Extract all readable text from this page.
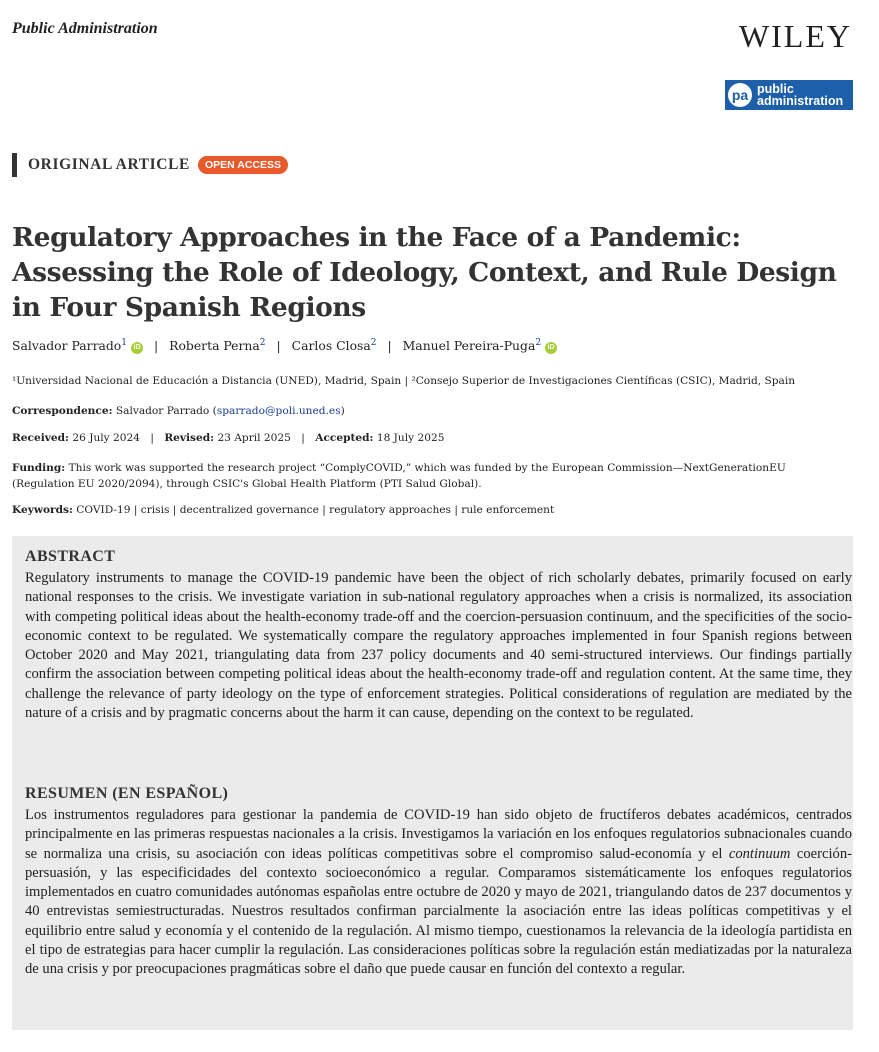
Public Administration	WILEY
pa public
administration
ORIGINAL ARTICLE	OPEN ACCESS
Regulatory Approaches in the Face of a Pandemic: Assessing the Role of Ideology, Context, and Rule Design in Four Spanish Regions
Salvador Parrado$^1$ iD | Roberta Perna$^2$ | Carlos Closa$^2$ | Manuel Pereira-Puga$^2$ iD
¹Universidad Nacional de Educación a Distancia (UNED), Madrid, Spain | ²Consejo Superior de Investigaciones Científicas (CSIC), Madrid, Spain
Correspondence: Salvador Parrado (sparrado@poli.uned.es)
Received: 26 July 2024 | Revised: 23 April 2025 | Accepted: 18 July 2025
Funding: This work was supported the research project “ComplyCOVID,” which was funded by the European Commission—NextGenerationEU (Regulation EU 2020/2094), through CSIC's Global Health Platform (PTI Salud Global).
Keywords: COVID-19 | crisis | decentralized governance | regulatory approaches | rule enforcement
ABSTRACT
Regulatory instruments to manage the COVID-19 pandemic have been the object of rich scholarly debates, primarily focused on early national responses to the crisis. We investigate variation in sub-national regulatory approaches when a crisis is normalized, its association with competing political ideas about the health-economy trade-off and the coercion-persuasion continuum, and the specificities of the socio-economic context to be regulated. We systematically compare the regulatory approaches implemented in four Spanish regions between October 2020 and May 2021, triangulating data from 237 policy documents and 40 semi-structured interviews. Our findings partially confirm the association between competing political ideas about the health-economy trade-off and regulation content. At the same time, they challenge the relevance of party ideology on the type of enforcement strategies. Political considerations of regulation are mediated by the nature of a crisis and by pragmatic concerns about the harm it can cause, depending on the context to be regulated.
RESUMEN (EN ESPAÑOL)
Los instrumentos reguladores para gestionar la pandemia de COVID-19 han sido objeto de fructíferos debates académicos, centrados principalmente en las primeras respuestas nacionales a la crisis. Investigamos la variación en los enfoques regulatorios subnacionales cuando se normaliza una crisis, su asociación con ideas políticas competitivas sobre el compromiso salud-economía y el continuum coerción-persuasión, y las especificidades del contexto socioeconómico a regular. Comparamos sistemáticamente los enfoques regulatorios implementados en cuatro comunidades autónomas españolas entre octubre de 2020 y mayo de 2021, triangulando datos de 237 documentos y 40 entrevistas semiestructuradas. Nuestros resultados confirman parcialmente la asociación entre las ideas políticas competitivas y el equilibrio entre salud y economía y el contenido de la regulación. Al mismo tiempo, cuestionamos la relevancia de la ideología partidista en el tipo de estrategias para hacer cumplir la regulación. Las consideraciones políticas sobre la regulación están mediatizadas por la naturaleza de una crisis y por preocupaciones pragmáticas sobre el daño que puede causar en función del contexto a regular.
